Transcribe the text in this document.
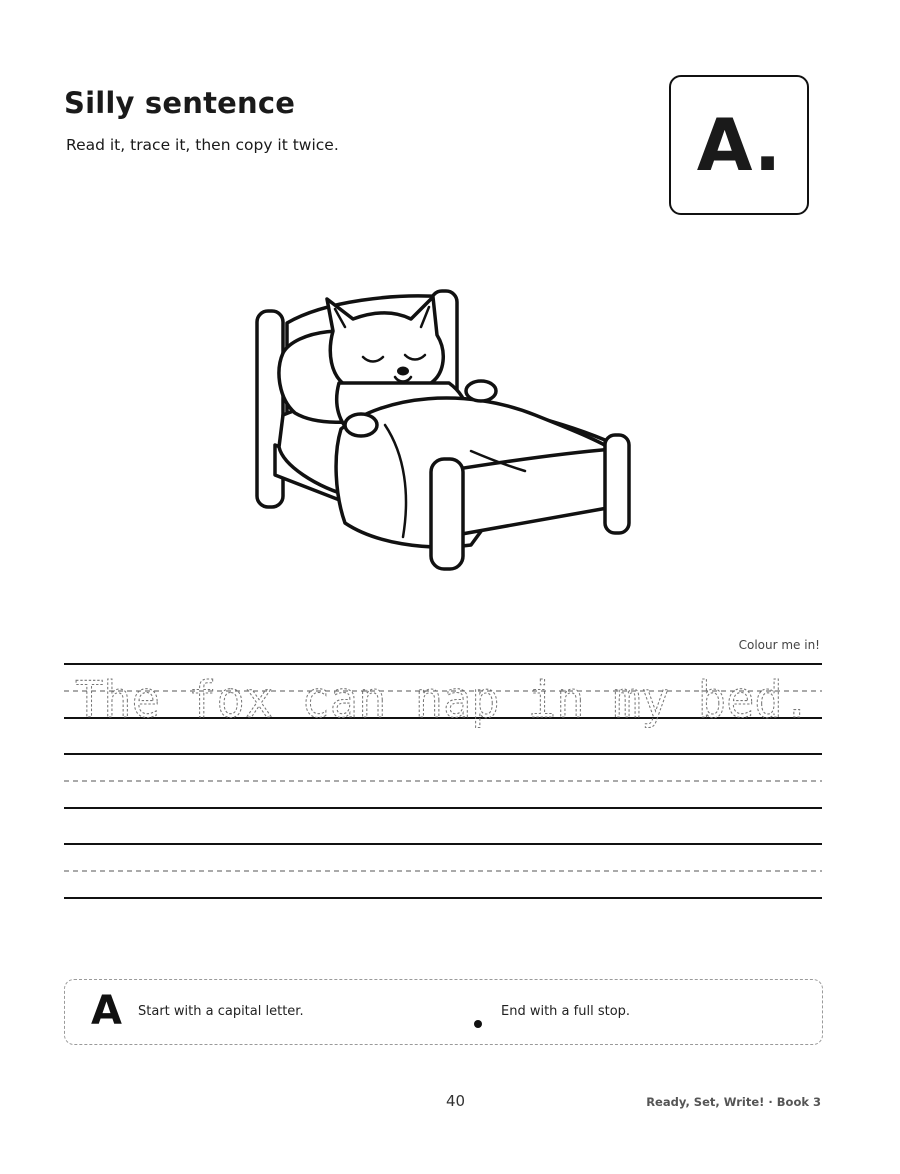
Silly sentence

Read it, trace it, then copy it twice.	A.

Colour me in!

The fox can nap in my bed.
A Start with a capital letter.	End with a full stop.

40	Ready, Set, Write! · Book 3
